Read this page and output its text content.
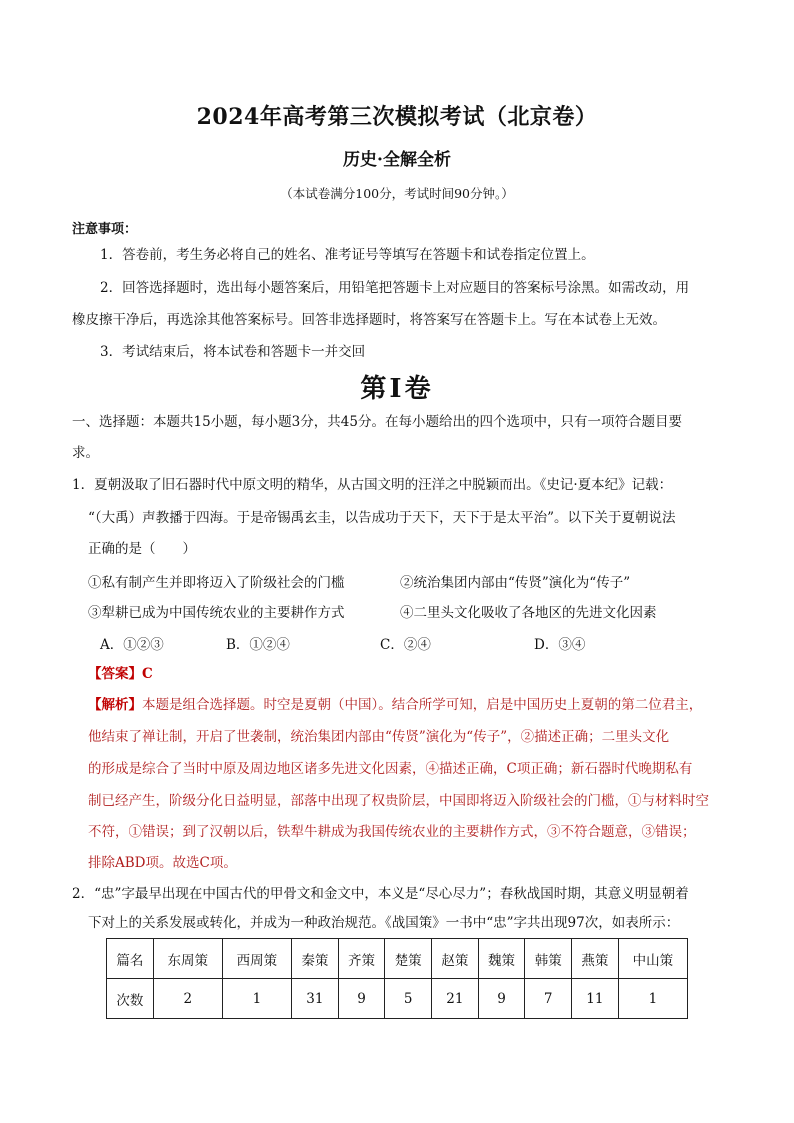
2024年高考第三次模拟考试（北京卷）
历史·全解全析
（本试卷满分100分，考试时间90分钟。）
注意事项：
1．答卷前，考生务必将自己的姓名、准考证号等填写在答题卡和试卷指定位置上。
2．回答选择题时，选出每小题答案后，用铅笔把答题卡上对应题目的答案标号涂黑。如需改动，用
橡皮擦干净后，再选涂其他答案标号。回答非选择题时，将答案写在答题卡上。写在本试卷上无效。
3．考试结束后，将本试卷和答题卡一并交回
第Ⅰ卷
一、选择题：本题共15小题，每小题3分，共45分。在每小题给出的四个选项中，只有一项符合题目要
求。
1．夏朝汲取了旧石器时代中原文明的精华，从古国文明的汪洋之中脱颖而出。《史记·夏本纪》记载：
“（大禹）声教播于四海。于是帝锡禹玄圭，以告成功于天下，天下于是太平治”。以下关于夏朝说法
正确的是（　　）
①私有制产生并即将迈入了阶级社会的门槛	②统治集团内部由“传贤”演化为“传子”
③犁耕已成为中国传统农业的主要耕作方式	④二里头文化吸收了各地区的先进文化因素
A．①②③	B．①②④	C．②④	D．③④
【答案】C
【解析】本题是组合选择题。时空是夏朝（中国）。结合所学可知，启是中国历史上夏朝的第二位君主，
他结束了禅让制，开启了世袭制，统治集团内部由“传贤”演化为“传子”，②描述正确；二里头文化
的形成是综合了当时中原及周边地区诸多先进文化因素，④描述正确，C项正确；新石器时代晚期私有
制已经产生，阶级分化日益明显，部落中出现了权贵阶层，中国即将迈入阶级社会的门槛，①与材料时空
不符，①错误；到了汉朝以后，铁犁牛耕成为我国传统农业的主要耕作方式，③不符合题意，③错误；
排除ABD项。故选C项。
2．“忠”字最早出现在中国古代的甲骨文和金文中，本义是“尽心尽力”；春秋战国时期，其意义明显朝着
下对上的关系发展或转化，并成为一种政治规范。《战国策》一书中“忠”字共出现97次，如表所示：
篇名	东周策	西周策	秦策	齐策	楚策	赵策	魏策	韩策	燕策	中山策
次数	2	1	31	9	5	21	9	7	11	1
